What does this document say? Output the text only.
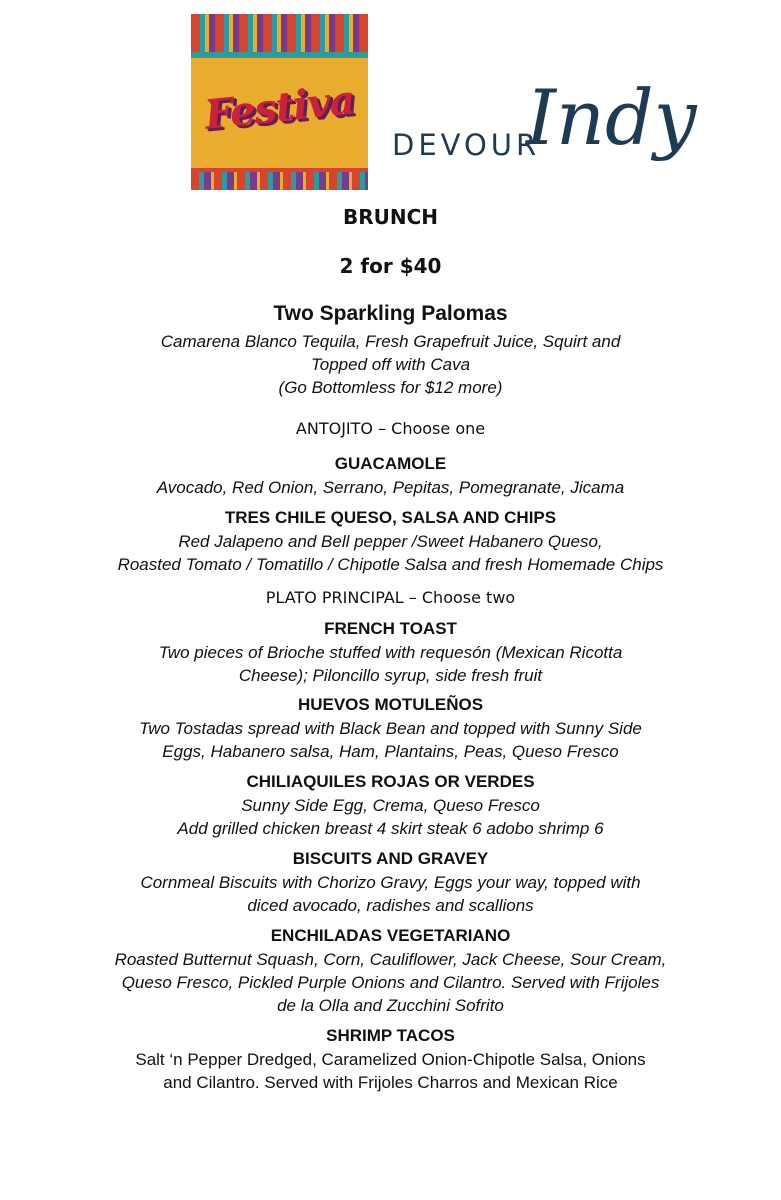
Festiva
DEVOUR
Indy

BRUNCH

2 for $40

Two Sparkling Palomas

Camarena Blanco Tequila, Fresh Grapefruit Juice, Squirt and
Topped off with Cava
(Go Bottomless for $12 more)

ANTOJITO – Choose one

GUACAMOLE

Avocado, Red Onion, Serrano, Pepitas, Pomegranate, Jicama

TRES CHILE QUESO, SALSA AND CHIPS

Red Jalapeno and Bell pepper /Sweet Habanero Queso,
Roasted Tomato / Tomatillo / Chipotle Salsa and fresh Homemade Chips

PLATO PRINCIPAL – Choose two

FRENCH TOAST

Two pieces of Brioche stuffed with requesón (Mexican Ricotta
Cheese); Piloncillo syrup, side fresh fruit

HUEVOS MOTULEÑOS

Two Tostadas spread with Black Bean and topped with Sunny Side
Eggs, Habanero salsa, Ham, Plantains, Peas, Queso Fresco

CHILIAQUILES ROJAS OR VERDES

Sunny Side Egg, Crema, Queso Fresco
Add grilled chicken breast 4 skirt steak 6 adobo shrimp 6

BISCUITS AND GRAVEY

Cornmeal Biscuits with Chorizo Gravy, Eggs your way, topped with
diced avocado, radishes and scallions

ENCHILADAS VEGETARIANO

Roasted Butternut Squash, Corn, Cauliflower, Jack Cheese, Sour Cream,
Queso Fresco, Pickled Purple Onions and Cilantro. Served with Frijoles
de la Olla and Zucchini Sofrito

SHRIMP TACOS

Salt ‘n Pepper Dredged, Caramelized Onion-Chipotle Salsa, Onions
and Cilantro. Served with Frijoles Charros and Mexican Rice
